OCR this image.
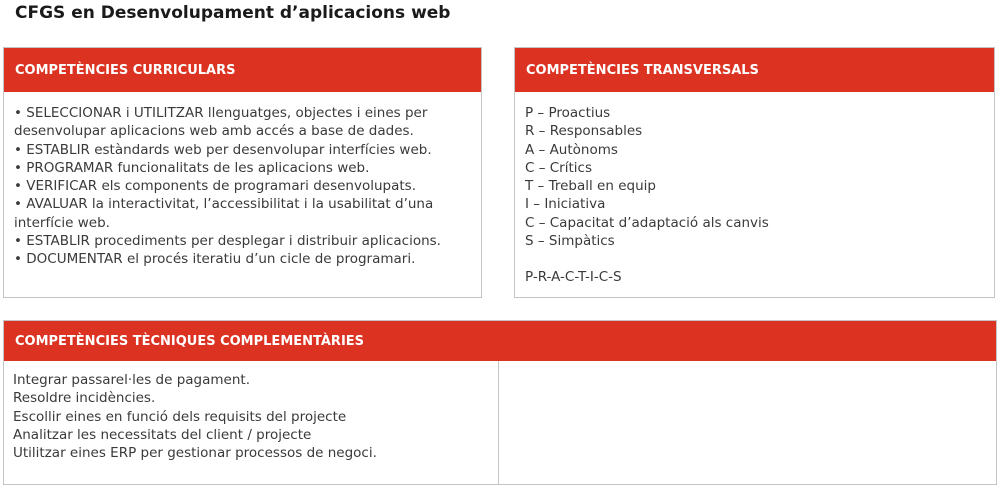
CFGS en Desenvolupament d’aplicacions web
COMPETÈNCIES CURRICULARS
• SELECCIONAR i UTILITZAR llenguatges, objectes i eines per
desenvolupar aplicacions web amb accés a base de dades.
• ESTABLIR estàndards web per desenvolupar interfícies web.
• PROGRAMAR funcionalitats de les aplicacions web.
• VERIFICAR els components de programari desenvolupats.
• AVALUAR la interactivitat, l’accessibilitat i la usabilitat d’una
interfície web.
• ESTABLIR procediments per desplegar i distribuir aplicacions.
• DOCUMENTAR el procés iteratiu d’un cicle de programari.
COMPETÈNCIES TRANSVERSALS
P – Proactius
R – Responsables
A – Autònoms
C – Crítics
T – Treball en equip
I – Iniciativa
C – Capacitat d’adaptació als canvis
S – Simpàtics
P-R-A-C-T-I-C-S
COMPETÈNCIES TÈCNIQUES COMPLEMENTÀRIES
Integrar passarel·les de pagament.
Resoldre incidències.
Escollir eines en funció dels requisits del projecte
Analitzar les necessitats del client / projecte
Utilitzar eines ERP per gestionar processos de negoci.
